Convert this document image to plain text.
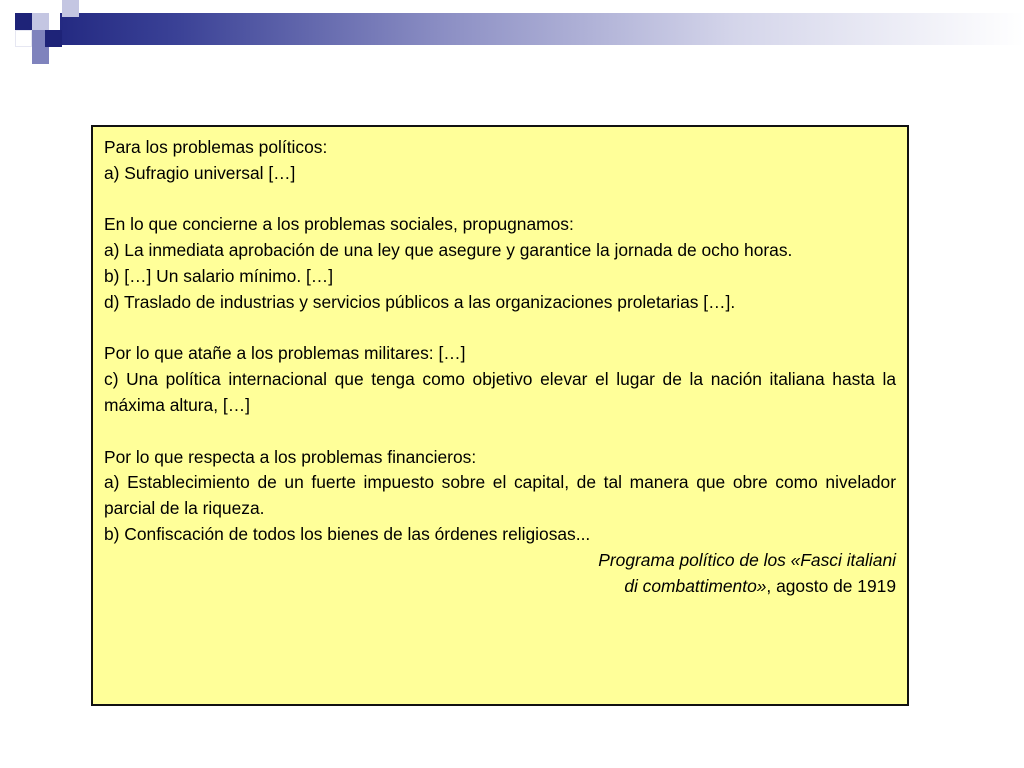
Para los problemas políticos:

a) Sufragio universal […]

En lo que concierne a los problemas sociales, propugnamos:

a) La inmediata aprobación de una ley que asegure y garantice la jornada de ocho horas.

b) […] Un salario mínimo. […]

d) Traslado de industrias y servicios públicos a las organizaciones proletarias […].

Por lo que atañe a los problemas militares: […]

c) Una política internacional que tenga como objetivo elevar el lugar de la nación italiana hasta la máxima altura, […]

Por lo que respecta a los problemas financieros:

a) Establecimiento de un fuerte impuesto sobre el capital, de tal manera que obre como nivelador parcial de la riqueza.

b) Confiscación de todos los bienes de las órdenes religiosas...

Programa político de los «Fasci italiani

di combattimento», agosto de 1919
